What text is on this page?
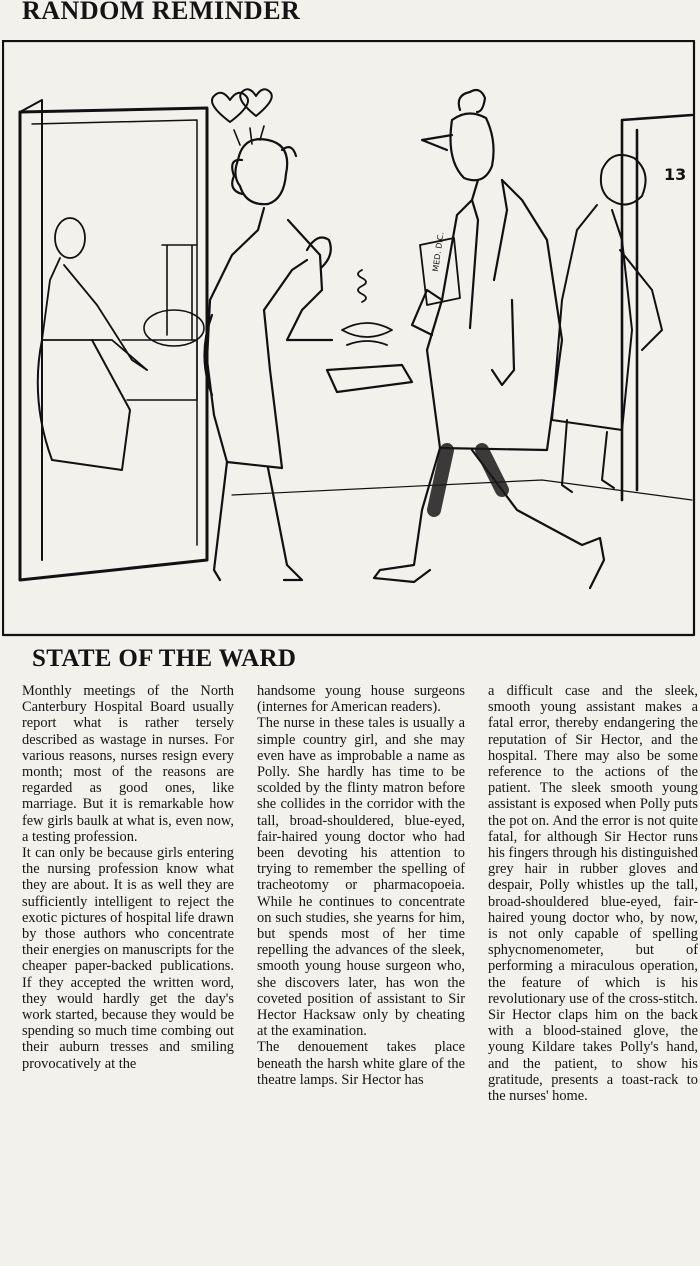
RANDOM REMINDER
13
MED. DIC.
STATE OF THE WARD

Monthly meetings of the North Canterbury Hospital Board usually report what is rather tersely described as wastage in nurses. For various reasons, nurses resign every month; most of the reasons are regarded as good ones, like marriage. But it is remarkable how few girls baulk at what is, even now, a testing profession.

It can only be because girls entering the nursing profession know what they are about. It is as well they are sufficiently intelligent to reject the exotic pictures of hospital life drawn by those authors who concentrate their energies on manuscripts for the cheaper paper-backed publications. If they accepted the written word, they would hardly get the day's work started, because they would be spending so much time combing out their auburn tresses and smiling provocatively at the

handsome young house surgeons (internes for American readers).

The nurse in these tales is usually a simple country girl, and she may even have as improbable a name as Polly. She hardly has time to be scolded by the flinty matron before she collides in the corridor with the tall, broad-shouldered, blue-eyed, fair-haired young doctor who had been devoting his attention to trying to remember the spelling of tracheotomy or pharmacopoeia. While he continues to concentrate on such studies, she yearns for him, but spends most of her time repelling the advances of the sleek, smooth young house surgeon who, she discovers later, has won the coveted position of assistant to Sir Hector Hacksaw only by cheating at the examination.

The denouement takes place beneath the harsh white glare of the theatre lamps. Sir Hector has

a difficult case and the sleek, smooth young assistant makes a fatal error, thereby endangering the reputation of Sir Hector, and the hospital. There may also be some reference to the actions of the patient. The sleek smooth young assistant is exposed when Polly puts the pot on. And the error is not quite fatal, for although Sir Hector runs his fingers through his distinguished grey hair in rubber gloves and despair, Polly whistles up the tall, broad-shouldered blue-eyed, fair-haired young doctor who, by now, is not only capable of spelling sphycnomenometer, but of performing a miraculous operation, the feature of which is his revolutionary use of the cross-stitch. Sir Hector claps him on the back with a blood-stained glove, the young Kildare takes Polly's hand, and the patient, to show his gratitude, presents a toast-rack to the nurses' home.
